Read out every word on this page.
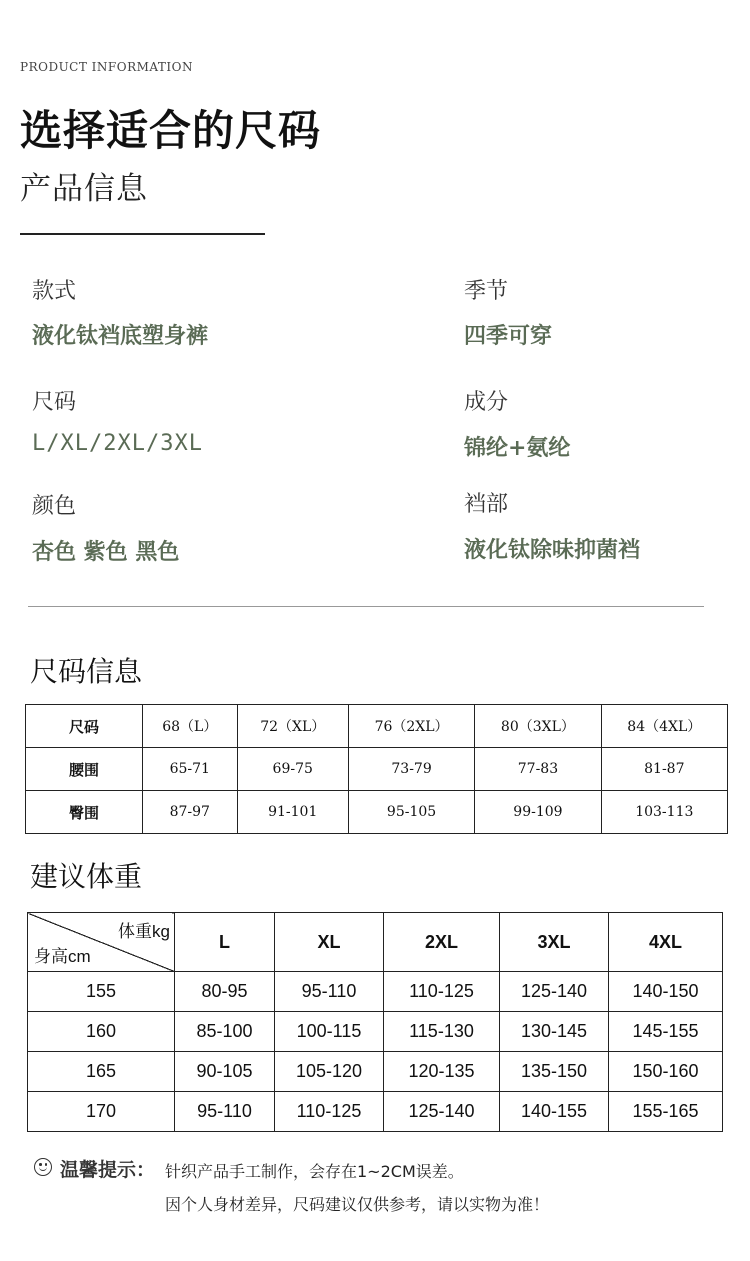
PRODUCT INFORMATION
选择适合的尺码
产品信息
款式
液化钛裆底塑身裤
季节
四季可穿
尺码
L/XL/2XL/3XL
成分
锦纶+氨纶
颜色
杏色 紫色 黑色
裆部
液化钛除味抑菌裆
尺码信息
尺码	68（L）	72（XL）	76（2XL）	80（3XL）	84（4XL）
腰围	65-71	69-75	73-79	77-83	81-87
臀围	87-97	91-101	95-105	99-109	103-113
建议体重
体重kg
身高cm	L	XL	2XL	3XL	4XL
155	80-95	95-110	110-125	125-140	140-150
160	85-100	100-115	115-130	130-145	145-155
165	90-105	105-120	120-135	135-150	150-160
170	95-110	110-125	125-140	140-155	155-165
温馨提示： 针织产品手工制作，会存在1~2CM误差。
因个人身材差异，尺码建议仅供参考，请以实物为准！
